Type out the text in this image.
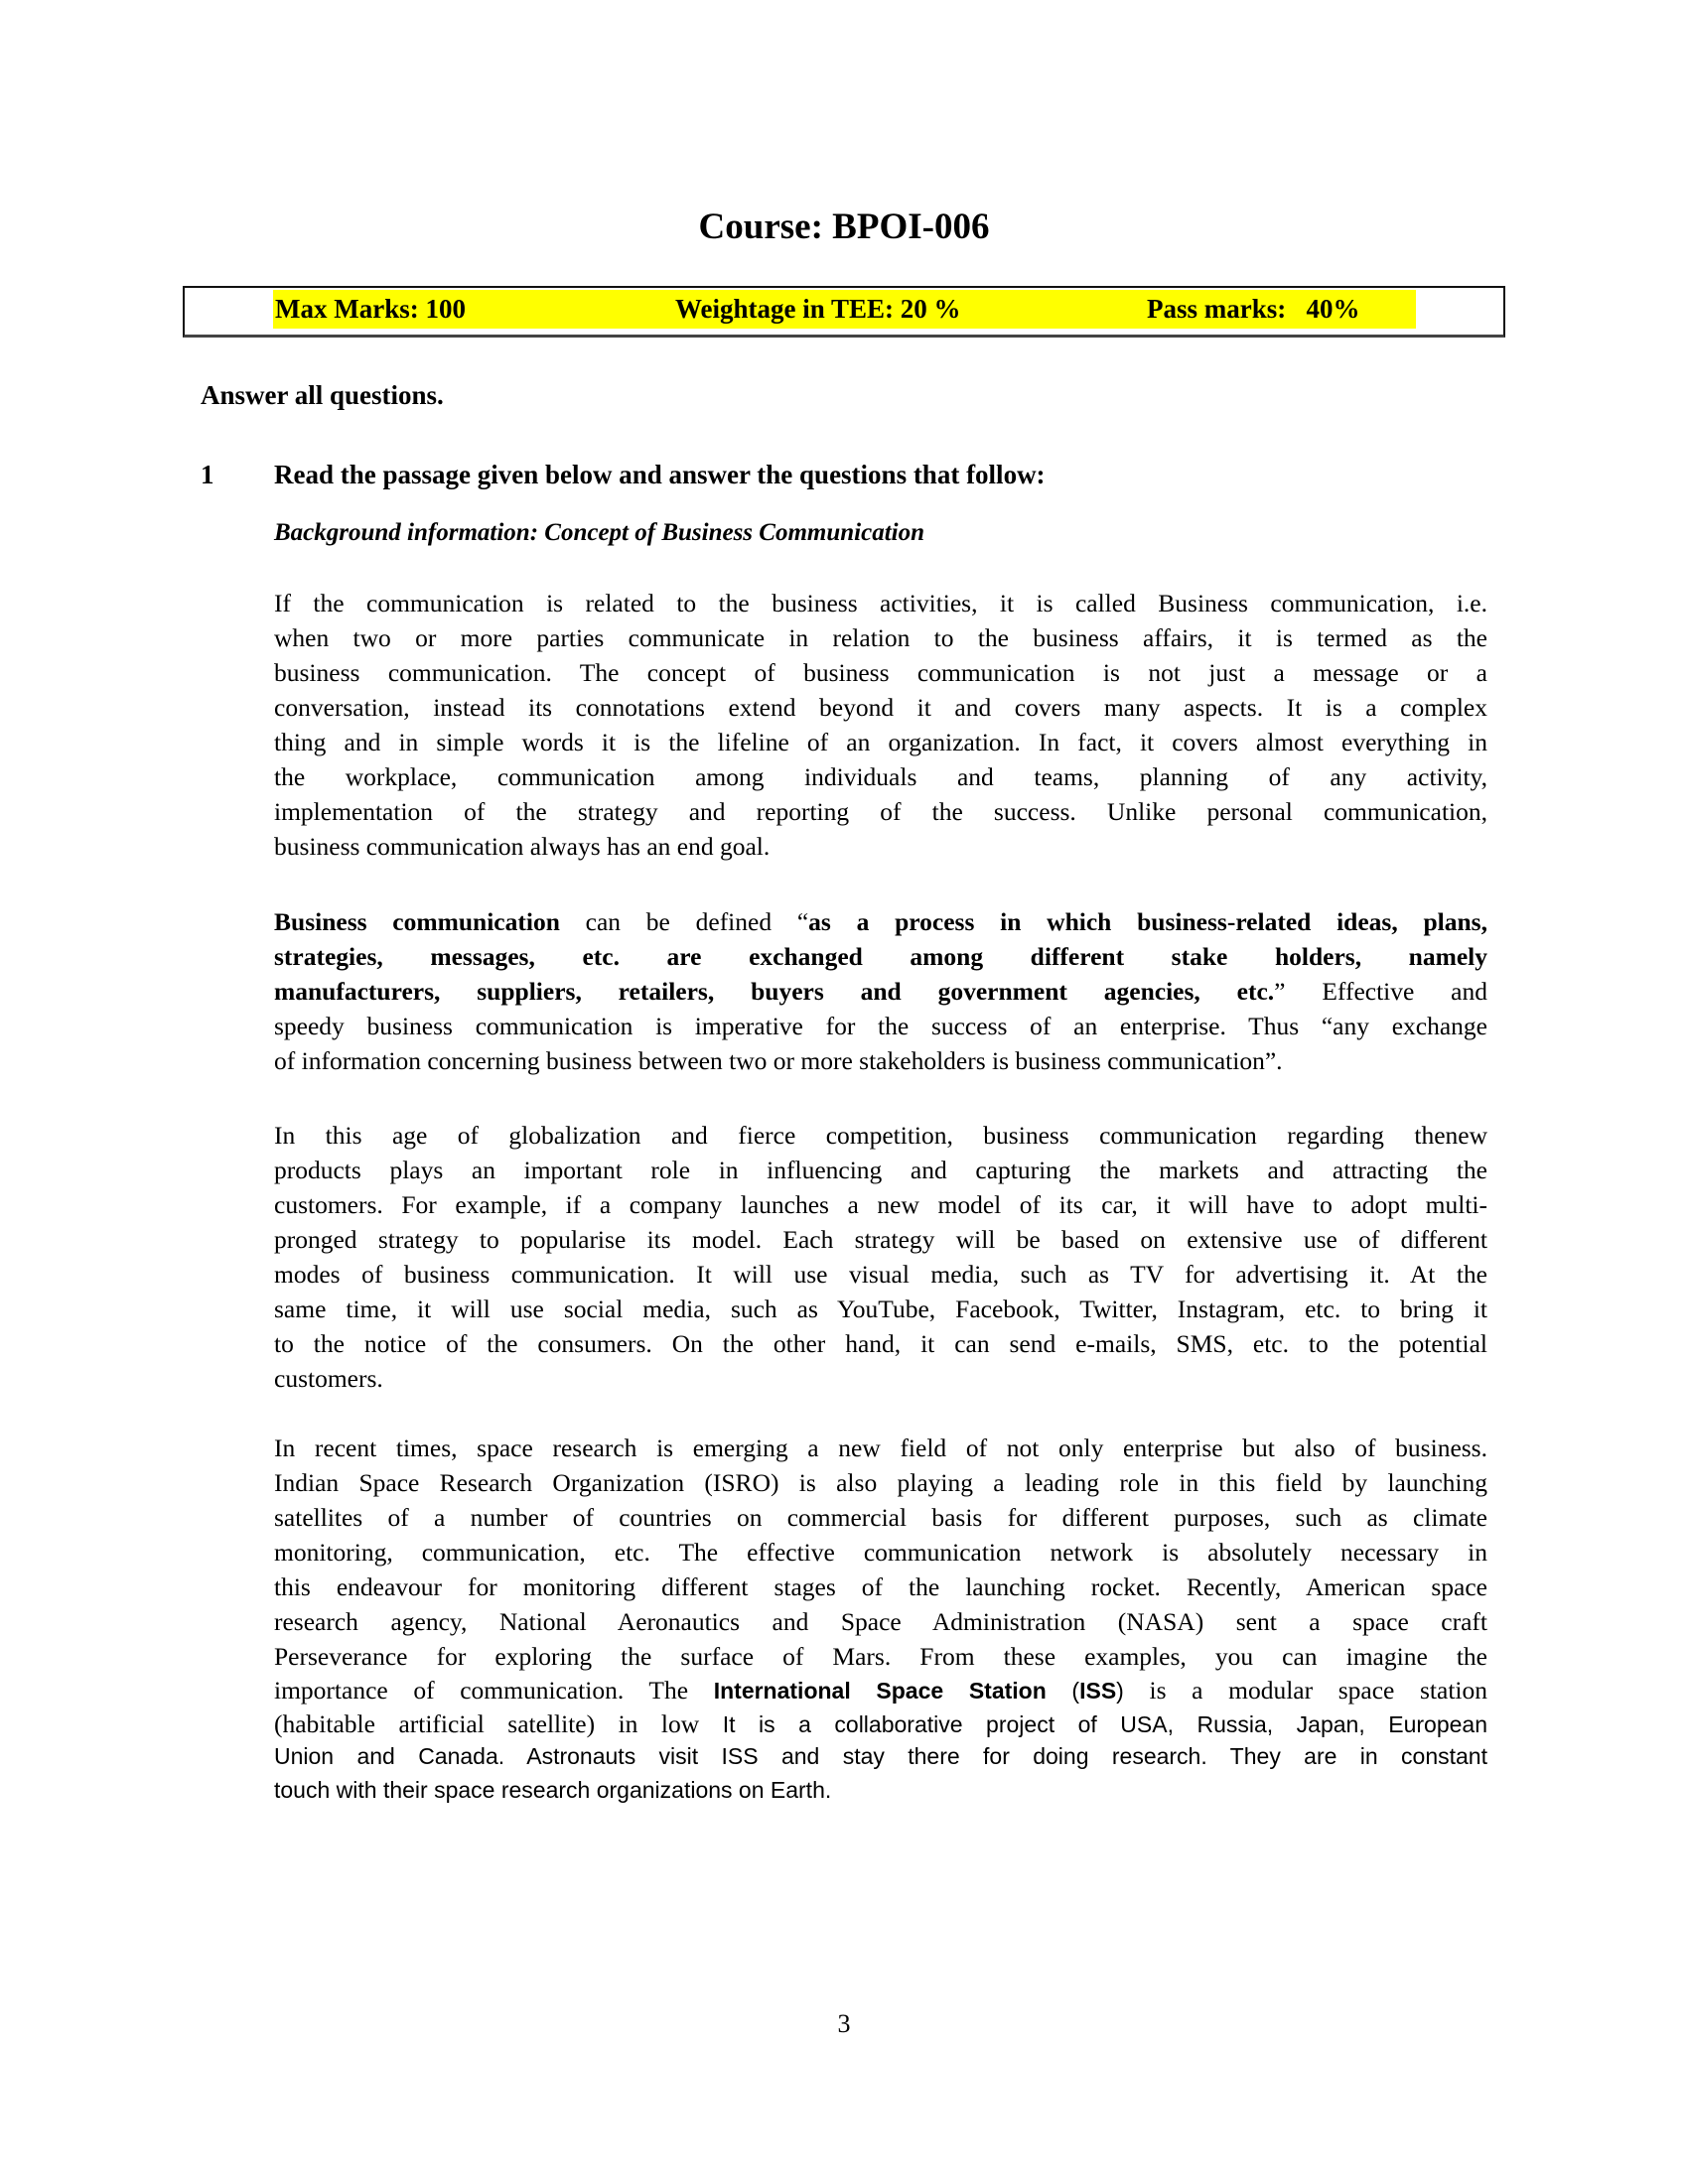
Course: BPOI-006
Max Marks: 100	Weightage in TEE: 20 %	Pass marks:   40%
Answer all questions.
1 Read the passage given below and answer the questions that follow:
Background information: Concept of Business Communication
If the communication is related to the business activities, it is called Business communication, i.e.
when two or more parties communicate in relation to the business affairs, it is termed as the
business communication. The concept of business communication is not just a message or a
conversation, instead its connotations extend beyond it and covers many aspects. It is a complex
thing and in simple words it is the lifeline of an organization. In fact, it covers almost everything in
the workplace, communication among individuals and teams, planning of any activity,
implementation of the strategy and reporting of the success. Unlike personal communication,
business communication always has an end goal.
Business communication can be defined “as a process in which business-related ideas, plans,
strategies, messages, etc. are exchanged among different stake holders, namely
manufacturers, suppliers, retailers, buyers and government agencies, etc.” Effective and
speedy business communication is imperative for the success of an enterprise. Thus “any exchange
of information concerning business between two or more stakeholders is business communication”.
In this age of globalization and fierce competition, business communication regarding thenew
products plays an important role in influencing and capturing the markets and attracting the
customers. For example, if a company launches a new model of its car, it will have to adopt multi-
pronged strategy to popularise its model. Each strategy will be based on extensive use of different
modes of business communication. It will use visual media, such as TV for advertising it. At the
same time, it will use social media, such as YouTube, Facebook, Twitter, Instagram, etc. to bring it
to the notice of the consumers. On the other hand, it can send e-mails, SMS, etc. to the potential
customers.
In recent times, space research is emerging a new field of not only enterprise but also of business.
Indian Space Research Organization (ISRO) is also playing a leading role in this field by launching
satellites of a number of countries on commercial basis for different purposes, such as climate
monitoring, communication, etc. The effective communication network is absolutely necessary in
this endeavour for monitoring different stages of the launching rocket. Recently, American space
research agency, National Aeronautics and Space Administration (NASA) sent a space craft
Perseverance for exploring the surface of Mars. From these examples, you can imagine the
importance of communication. The International Space Station (ISS) is a modular space station
(habitable artificial satellite) in low It is a collaborative project of USA, Russia, Japan, European
Union and Canada. Astronauts visit ISS and stay there for doing research. They are in constant
touch with their space research organizations on Earth.
3
